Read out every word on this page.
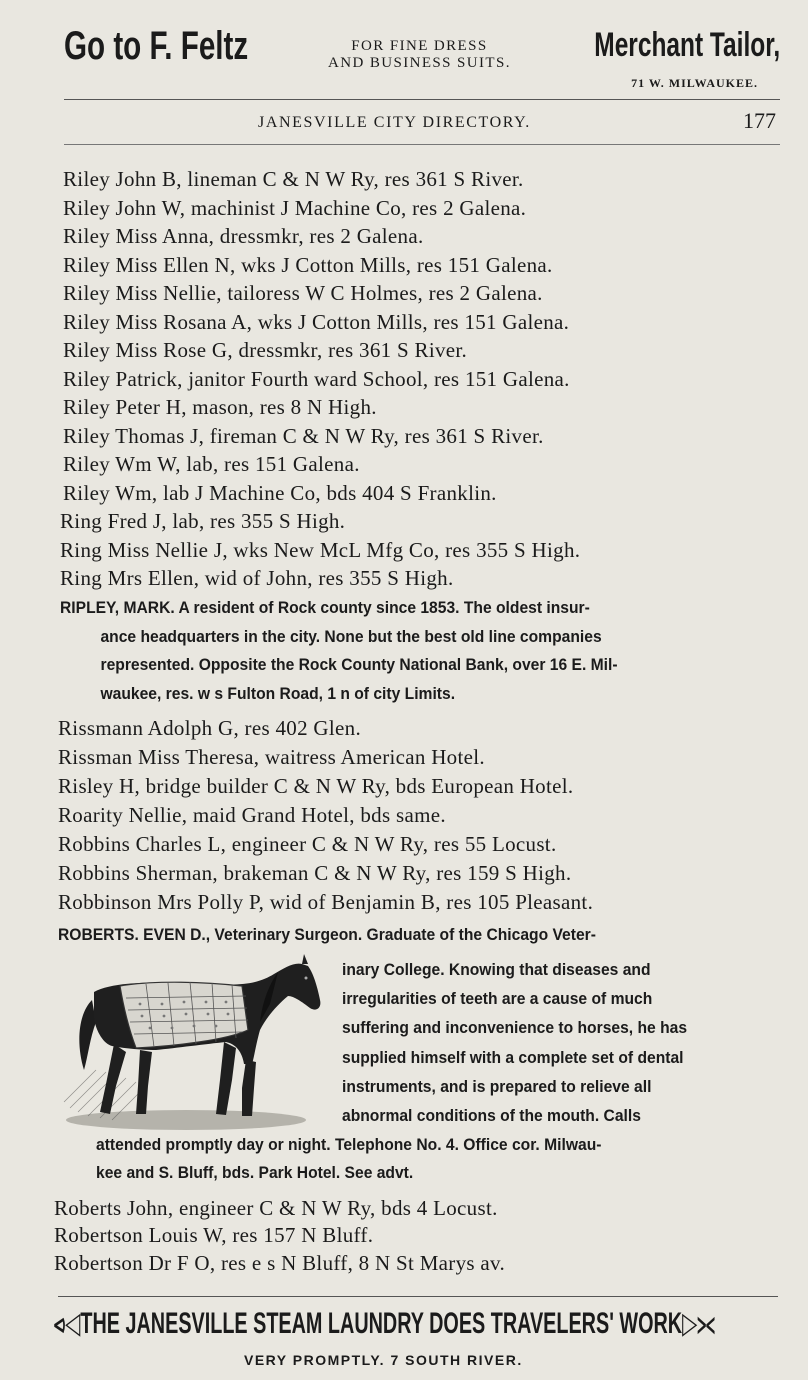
Go to F. Feltz	FOR FINE DRESS
AND BUSINESS SUITS. Merchant Tailor,
71 W. MILWAUKEE.
JANESVILLE CITY DIRECTORY.	177
Riley John B, lineman C & N W Ry, res 361 S River.
Riley John W, machinist J Machine Co, res 2 Galena.
Riley Miss Anna, dressmkr, res 2 Galena.
Riley Miss Ellen N, wks J Cotton Mills, res 151 Galena.
Riley Miss Nellie, tailoress W C Holmes, res 2 Galena.
Riley Miss Rosana A, wks J Cotton Mills, res 151 Galena.
Riley Miss Rose G, dressmkr, res 361 S River.
Riley Patrick, janitor Fourth ward School, res 151 Galena.
Riley Peter H, mason, res 8 N High.
Riley Thomas J, fireman C & N W Ry, res 361 S River.
Riley Wm W, lab, res 151 Galena.
Riley Wm, lab J Machine Co, bds 404 S Franklin.
Ring Fred J, lab, res 355 S High.
Ring Miss Nellie J, wks New McL Mfg Co, res 355 S High.
Ring Mrs Ellen, wid of John, res 355 S High.
RIPLEY, MARK. A resident of Rock county since 1853. The oldest insur-
ance headquarters in the city. None but the best old line companies
represented. Opposite the Rock County National Bank, over 16 E. Mil-
waukee, res. w s Fulton Road, 1 n of city Limits.
Rissmann Adolph G, res 402 Glen.
Rissman Miss Theresa, waitress American Hotel.
Risley H, bridge builder C & N W Ry, bds European Hotel.
Roarity Nellie, maid Grand Hotel, bds same.
Robbins Charles L, engineer C & N W Ry, res 55 Locust.
Robbins Sherman, brakeman C & N W Ry, res 159 S High.
Robbinson Mrs Polly P, wid of Benjamin B, res 105 Pleasant.
ROBERTS. EVEN D., Veterinary Surgeon. Graduate of the Chicago Veter-
inary College. Knowing that diseases and
irregularities of teeth are a cause of much
suffering and inconvenience to horses, he has
supplied himself with a complete set of dental
instruments, and is prepared to relieve all
abnormal conditions of the mouth. Calls
attended promptly day or night. Telephone No. 4. Office cor. Milwau-
kee and S. Bluff, bds. Park Hotel. See advt.
Roberts John, engineer C & N W Ry, bds 4 Locust.
Robertson Louis W, res 157 N Bluff.
Robertson Dr F O, res e s N Bluff, 8 N St Marys av.
⪦◁THE JANESVILLE STEAM LAUNDRY DOES TRAVELERS' WORK▷⪥
VERY PROMPTLY. 7 SOUTH RIVER.
